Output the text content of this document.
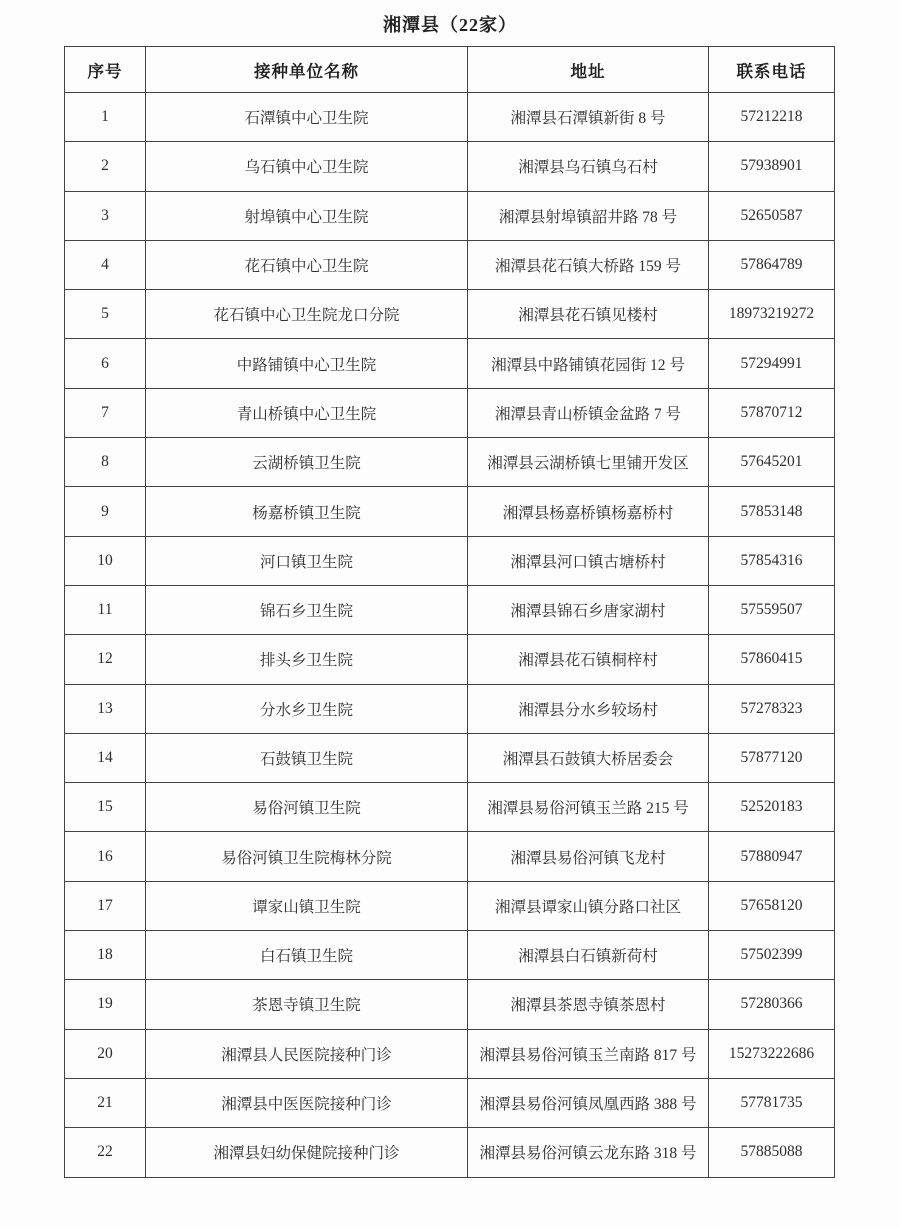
湘潭县（22家）
序号	接种单位名称	地址	联系电话
1	石潭镇中心卫生院	湘潭县石潭镇新街 8 号	57212218
2	乌石镇中心卫生院	湘潭县乌石镇乌石村	57938901
3	射埠镇中心卫生院	湘潭县射埠镇韶井路 78 号	52650587
4	花石镇中心卫生院	湘潭县花石镇大桥路 159 号	57864789
5	花石镇中心卫生院龙口分院	湘潭县花石镇见楼村	18973219272
6	中路铺镇中心卫生院	湘潭县中路铺镇花园街 12 号	57294991
7	青山桥镇中心卫生院	湘潭县青山桥镇金盆路 7 号	57870712
8	云湖桥镇卫生院	湘潭县云湖桥镇七里铺开发区	57645201
9	杨嘉桥镇卫生院	湘潭县杨嘉桥镇杨嘉桥村	57853148
10	河口镇卫生院	湘潭县河口镇古塘桥村	57854316
11	锦石乡卫生院	湘潭县锦石乡唐家湖村	57559507
12	排头乡卫生院	湘潭县花石镇桐梓村	57860415
13	分水乡卫生院	湘潭县分水乡较场村	57278323
14	石鼓镇卫生院	湘潭县石鼓镇大桥居委会	57877120
15	易俗河镇卫生院	湘潭县易俗河镇玉兰路 215 号	52520183
16	易俗河镇卫生院梅林分院	湘潭县易俗河镇飞龙村	57880947
17	谭家山镇卫生院	湘潭县谭家山镇分路口社区	57658120
18	白石镇卫生院	湘潭县白石镇新荷村	57502399
19	茶恩寺镇卫生院	湘潭县茶恩寺镇茶恩村	57280366
20	湘潭县人民医院接种门诊	湘潭县易俗河镇玉兰南路 817 号	15273222686
21	湘潭县中医医院接种门诊	湘潭县易俗河镇凤凰西路 388 号	57781735
22	湘潭县妇幼保健院接种门诊	湘潭县易俗河镇云龙东路 318 号	57885088
